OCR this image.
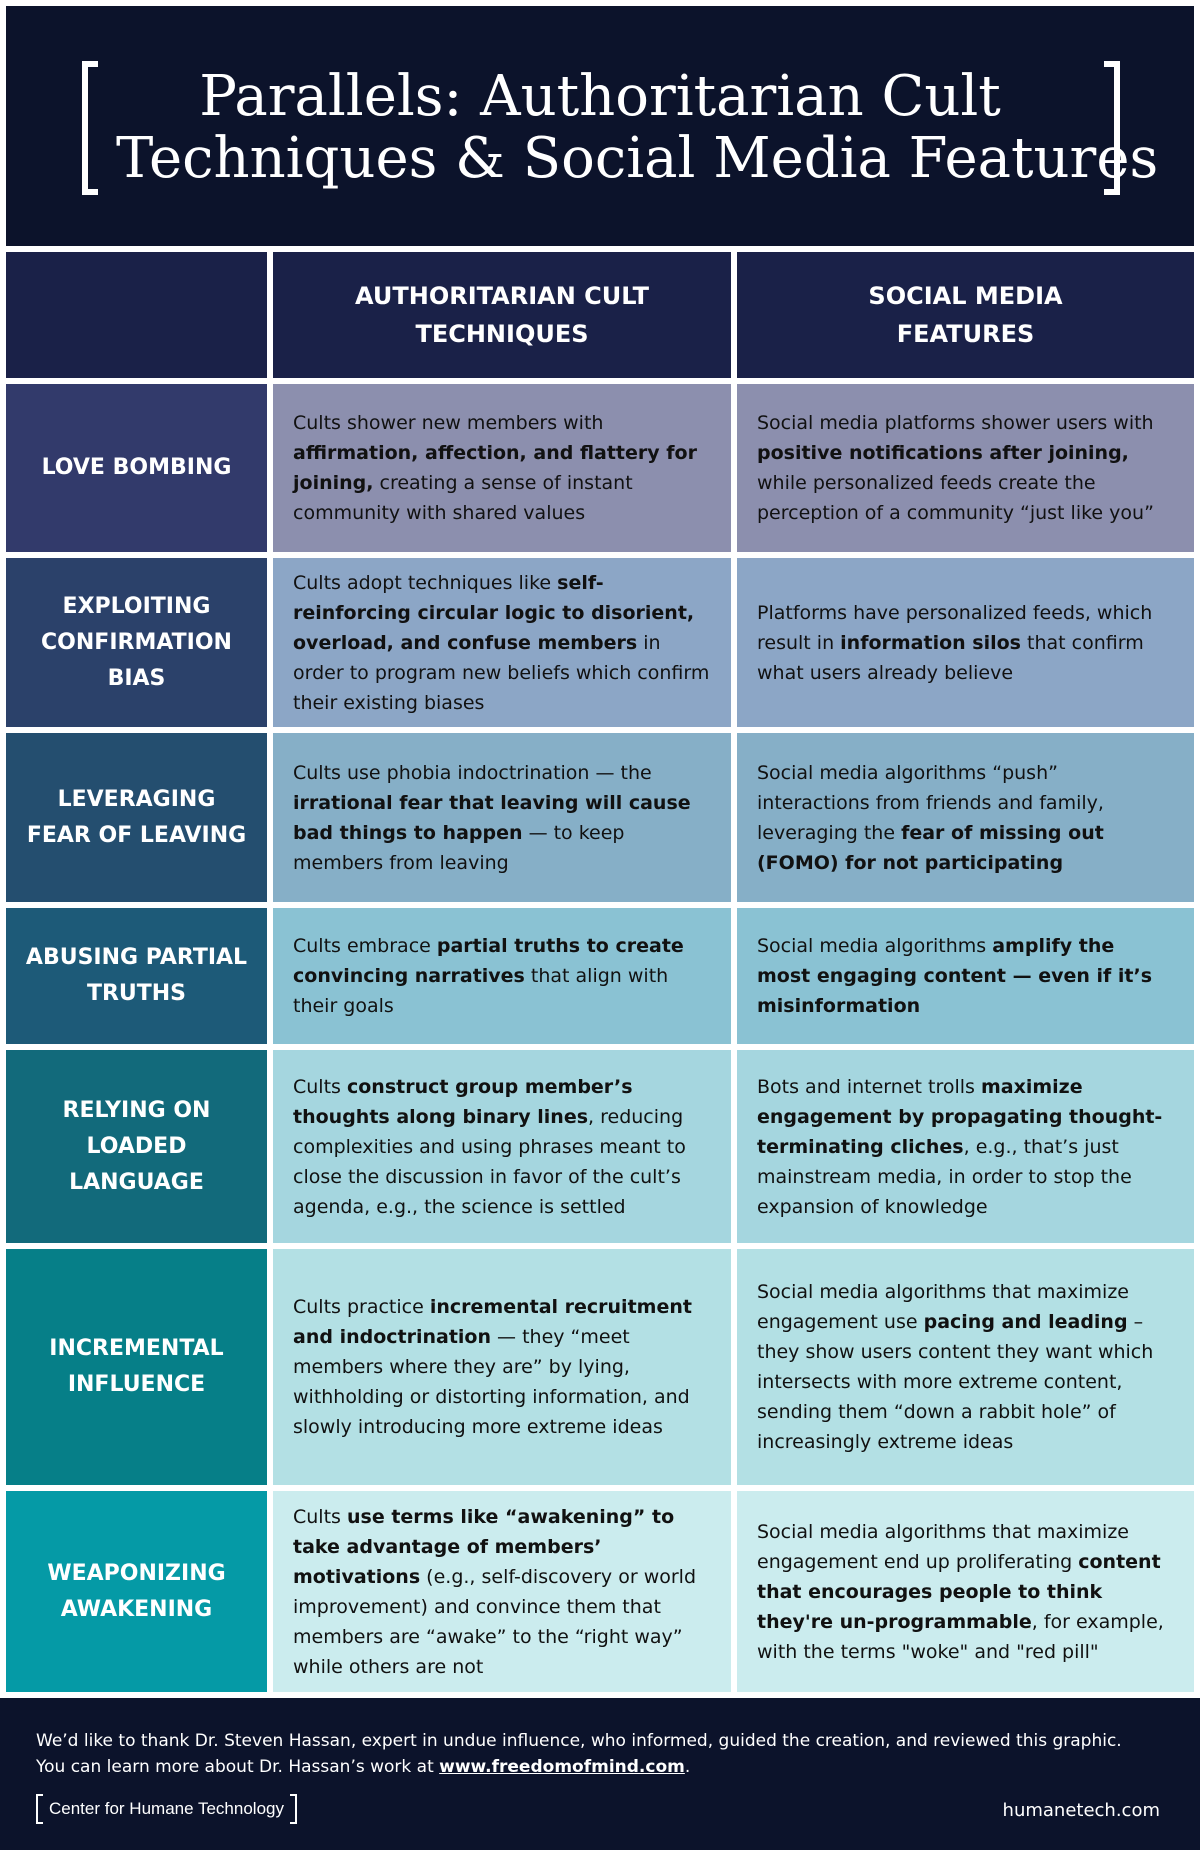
Parallels: Authoritarian Cult
Techniques & Social Media Features
AUTHORITARIAN CULT
TECHNIQUES
SOCIAL MEDIA
FEATURES
LOVE BOMBING

Cults shower new members with affirmation, affection, and flattery for joining, creating a sense of instant community with shared values

Social media platforms shower users with positive notifications after joining, while personalized feeds create the perception of a community “just like you”

EXPLOITING CONFIRMATION BIAS

Cults adopt techniques like self-reinforcing circular logic to disorient, overload, and confuse members in order to program new beliefs which confirm their existing biases

Platforms have personalized feeds, which result in information silos that confirm what users already believe

LEVERAGING FEAR OF LEAVING

Cults use phobia indoctrination — the irrational fear that leaving will cause bad things to happen — to keep members from leaving

Social media algorithms “push” interactions from friends and family, leveraging the fear of missing out (FOMO) for not participating

ABUSING PARTIAL TRUTHS

Cults embrace partial truths to create convincing narratives that align with their goals

Social media algorithms amplify the most engaging content — even if it’s misinformation

RELYING ON LOADED LANGUAGE

Cults construct group member’s thoughts along binary lines, reducing complexities and using phrases meant to close the discussion in favor of the cult’s agenda, e.g., the science is settled

Bots and internet trolls maximize engagement by propagating thought-terminating cliches, e.g., that’s just mainstream media, in order to stop the expansion of knowledge

INCREMENTAL INFLUENCE

Cults practice incremental recruitment and indoctrination — they “meet members where they are” by lying, withholding or distorting information, and slowly introducing more extreme ideas

Social media algorithms that maximize engagement use pacing and leading – they show users content they want which intersects with more extreme content, sending them “down a rabbit hole” of increasingly extreme ideas

WEAPONIZING AWAKENING

Cults use terms like “awakening” to take advantage of members’ motivations (e.g., self-discovery or world improvement) and convince them that members are “awake” to the “right way” while others are not

Social media algorithms that maximize engagement end up proliferating content that encourages people to think they're un-programmable, for example, with the terms "woke" and "red pill"

We’d like to thank Dr. Steven Hassan, expert in undue influence, who informed, guided the creation, and reviewed this graphic.
You can learn more about Dr. Hassan’s work at www.freedomofmind.com.
Center for Humane Technology	humanetech.com
